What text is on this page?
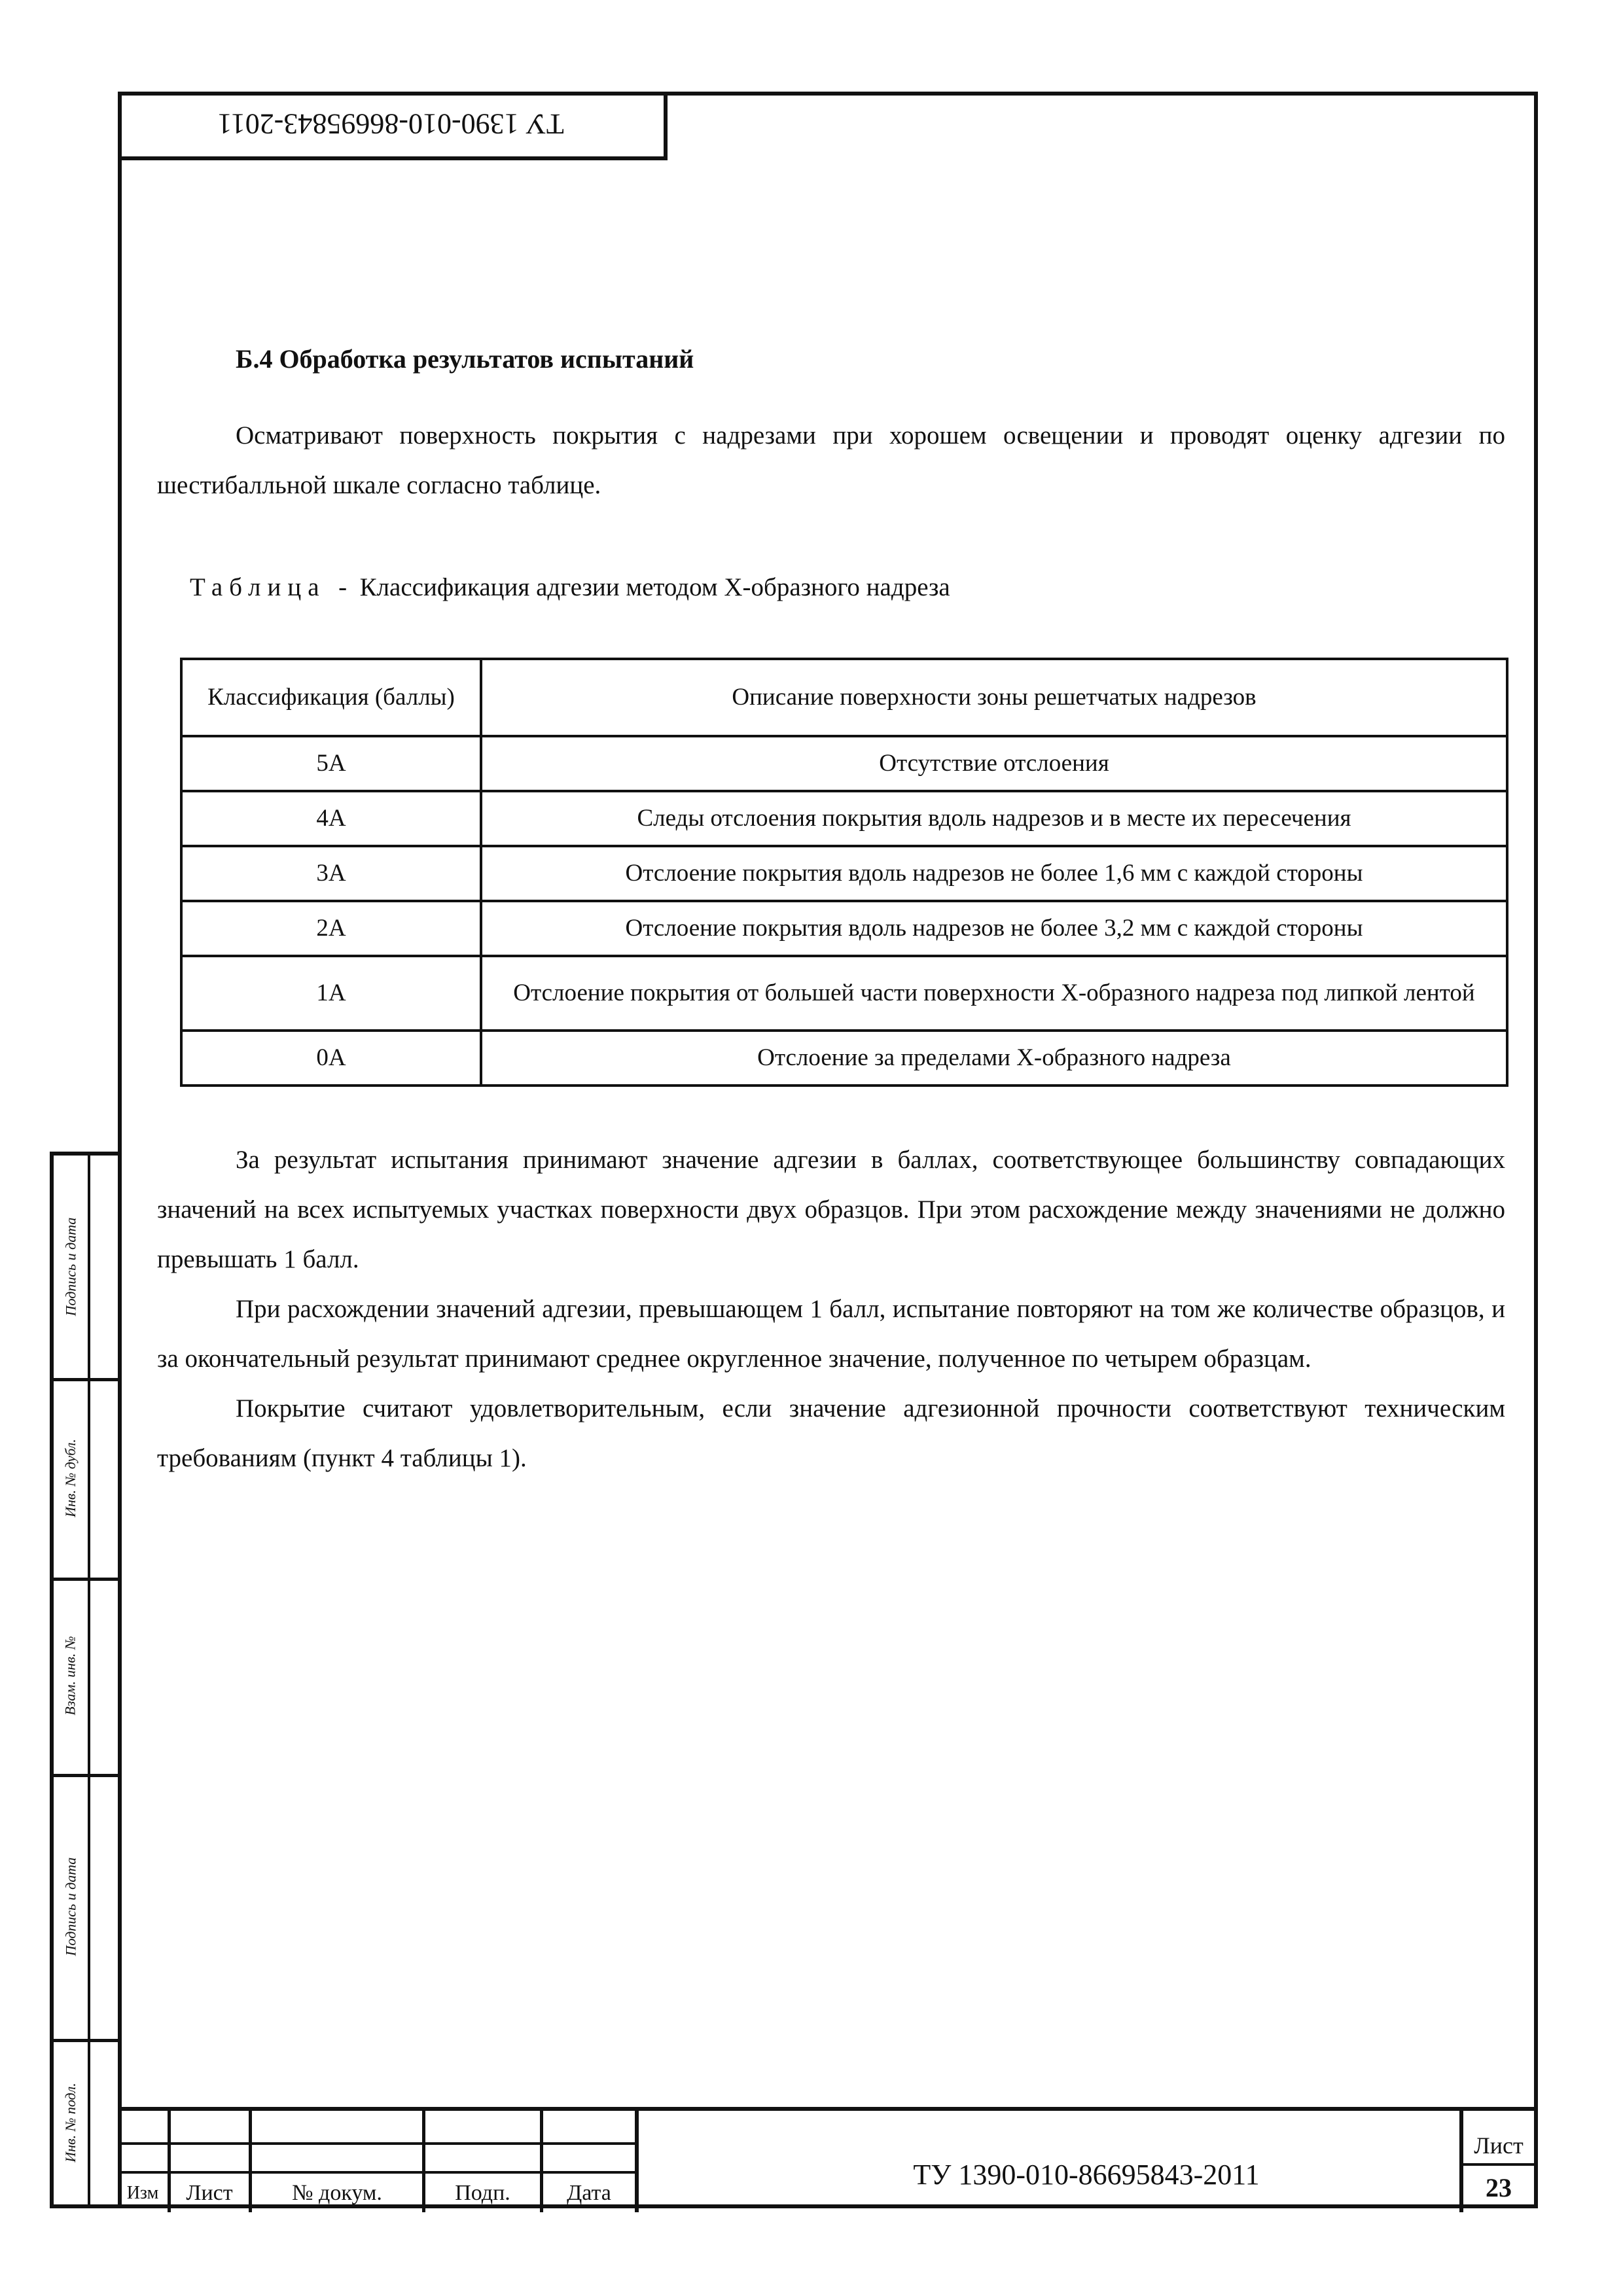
ТУ 1390-010-86695843-2011
Подпись и дата
Инв. № дубл.
Взам. инв. №
Подпись и дата
Инв. № подл.
Б.4 Обработка результатов испытаний
Осматривают поверхность покрытия с надрезами при хорошем освещении и проводят оценку адгезии по шестибалльной шкале согласно таблице.
Таблица - Классификация адгезии методом Х-образного надреза
Классификация (баллы)	Описание поверхности зоны решетчатых надрезов
5А	Отсутствие отслоения
4А	Следы отслоения покрытия вдоль надрезов и в месте их пересечения
3А	Отслоение покрытия вдоль надрезов не более 1,6 мм с каждой стороны
2А	Отслоение покрытия вдоль надрезов не более 3,2 мм с каждой стороны
1А	Отслоение покрытия от большей части поверхности Х-образного надреза под липкой лентой
0А	Отслоение за пределами Х-образного надреза

За результат испытания принимают значение адгезии в баллах, соответствующее большинству совпадающих значений на всех испытуемых участках поверхности двух образцов. При этом расхождение между значениями не должно превышать 1 балл.

При расхождении значений адгезии, превышающем 1 балл, испытание повторяют на том же количестве образцов, и за окончательный результат принимают среднее округленное значение, полученное по четырем образцам.

Покрытие считают удовлетворительным, если значение адгезионной прочности соответствуют техническим требованиям (пункт 4 таблицы 1).

Изм	Лист	№ докум.	Подп.	Дата
ТУ 1390-010-86695843-2011
Лист
23
